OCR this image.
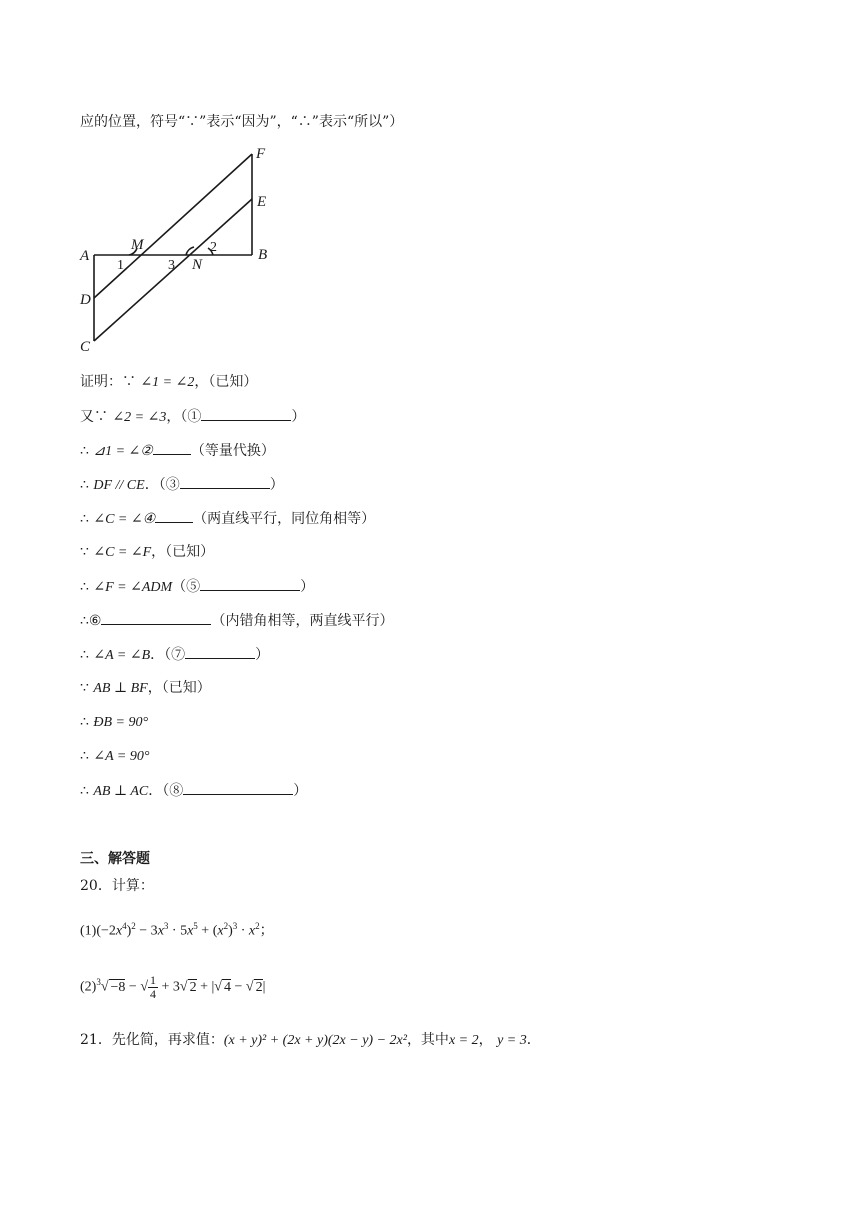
应的位置，符号“∵”表示“因为”，“∴”表示“所以”）
A	B
C
D
E
F
M
N
1	3
2
证明：∵ ∠1 = ∠2，（已知）
又∵ ∠2 = ∠3，（①	）
∴ ⊿1 = ∠②	（等量代换）
∴ DF // CE．（③	）
∴ ∠C = ∠④	（两直线平行，同位角相等）
∵ ∠C = ∠F，（已知）
∴ ∠F = ∠ADM（⑤	）
∴⑥	（内错角相等，两直线平行）
∴ ∠A = ∠B．（⑦	）
∵ AB ⊥ BF，（已知）
∴ ÐB = 90°
∴ ∠A = 90°
∴ AB ⊥ AC．（⑧	）
三、解答题
20．计算：
$(1)(-2x^4)^2 - 3x^3 \cdot 5x^5 + (x^2)^3 \cdot x^2$；
$(2)^3√ -8$ − √ $\frac{1}{4} + 3√$ 2 + |√ 4 − √ 2|
21．先化简，再求值：(x + y)² + (2x + y)(2x − y) − 2x²，其中x = 2， y = 3．
